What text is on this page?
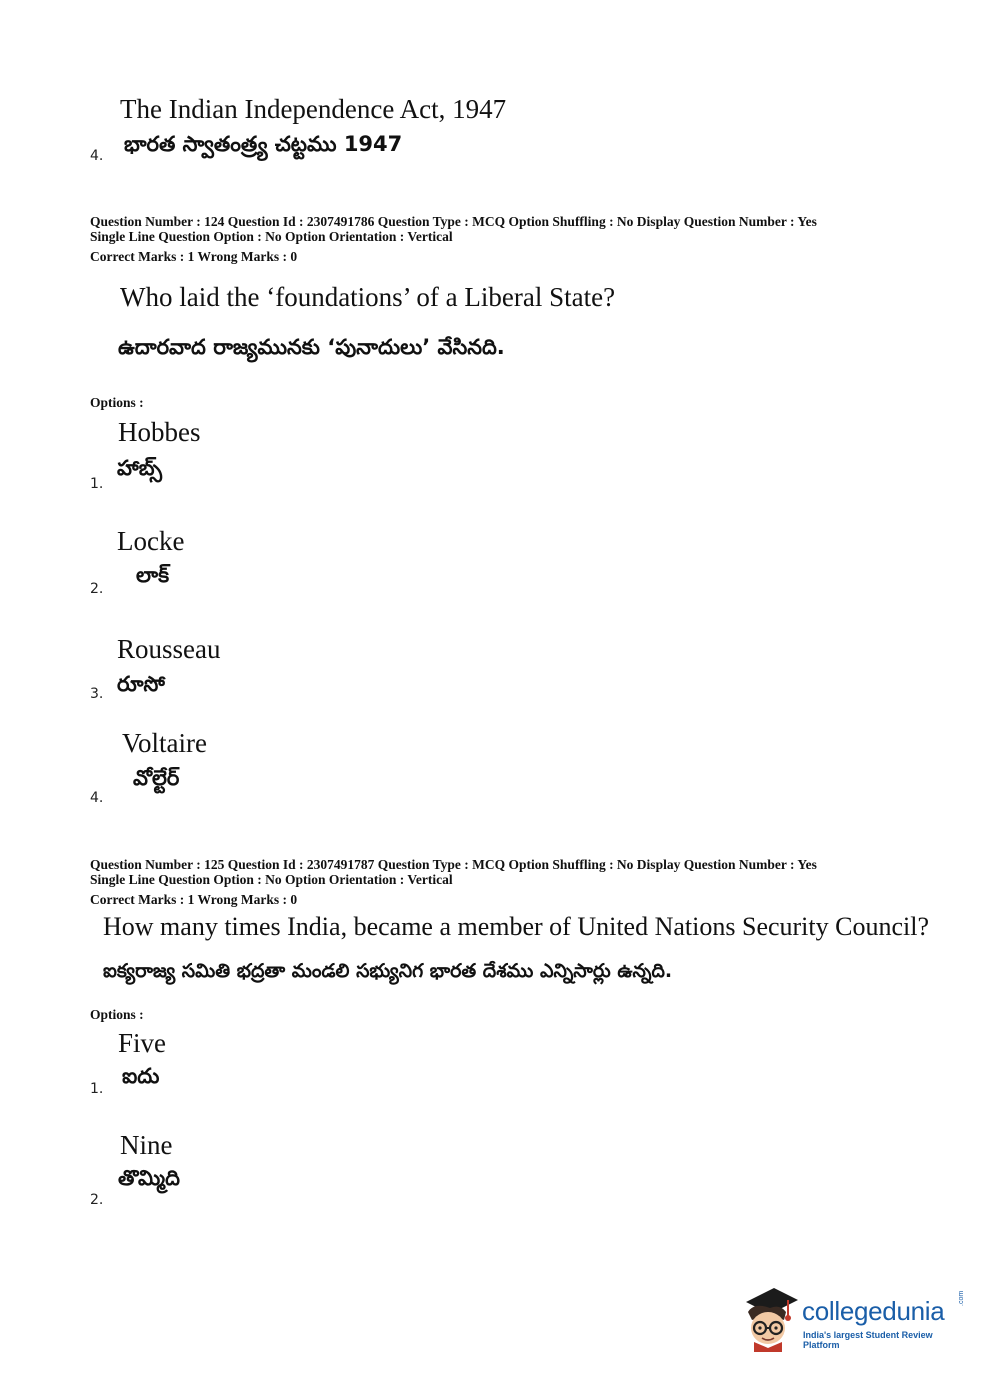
The Indian Independence Act, 1947
భారత స్వాతంత్ర్య చట్టము 1947
4.
Question Number : 124 Question Id : 2307491786 Question Type : MCQ Option Shuffling : No Display Question Number : Yes
Single Line Question Option : No Option Orientation : Vertical
Correct Marks : 1 Wrong Marks : 0
Who laid the ‘foundations’ of a Liberal State?
ఉదారవాద రాజ్యమునకు ‘పునాదులు’ వేసినది.
Options :
Hobbes
హాబ్స్
1.
Locke
లాక్
2.
Rousseau
రూసో
3.
Voltaire
వోల్టేర్
4.
Question Number : 125 Question Id : 2307491787 Question Type : MCQ Option Shuffling : No Display Question Number : Yes
Single Line Question Option : No Option Orientation : Vertical
Correct Marks : 1 Wrong Marks : 0
How many times India, became a member of United Nations Security Council?
ఐక్యరాజ్య సమితి భద్రతా మండలి సభ్యునిగ భారత దేశము ఎన్నిసార్లు ఉన్నది.
Options :
Five
ఐదు
1.
Nine
తొమ్మిది
2.
collegedunia .com
India's largest Student Review Platform
